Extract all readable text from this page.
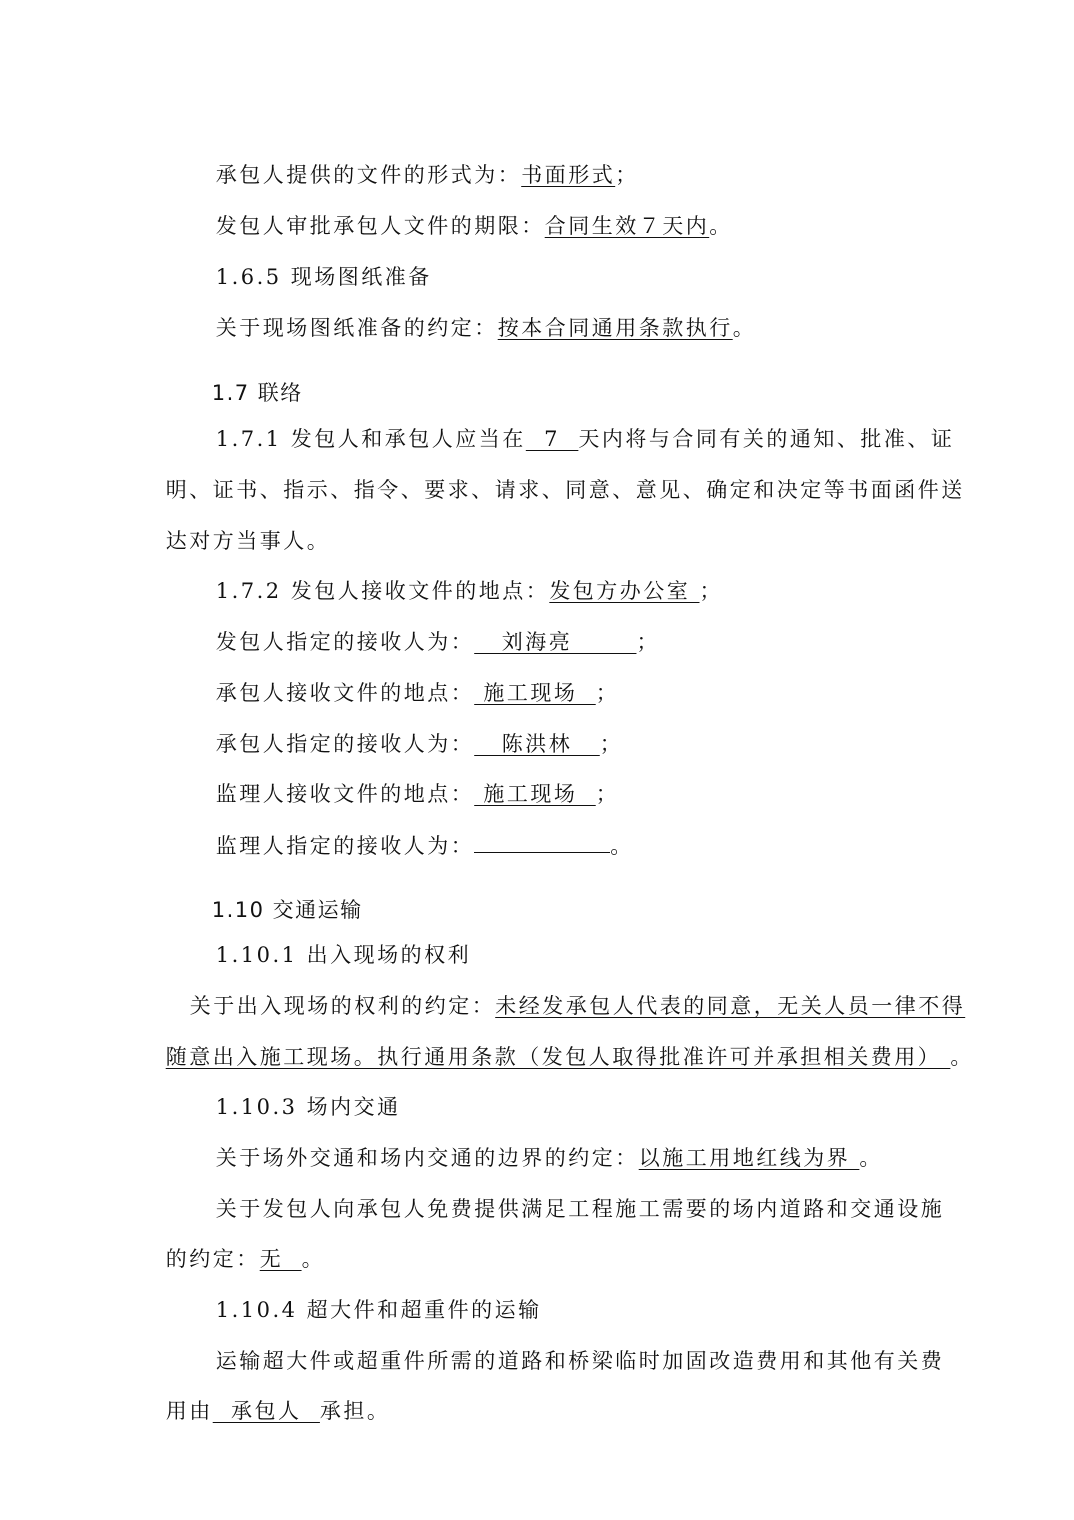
承包人提供的文件的形式为：书面形式；

发包人审批承包人文件的期限：合同生效７天内。

1.6.5 现场图纸准备

关于现场图纸准备的约定：按本合同通用条款执行。

1.7 联络

1.7.1 发包人和承包人应当在  7  天内将与合同有关的通知、批准、证

明、证书、指示、指令、要求、请求、同意、意见、确定和决定等书面函件送

达对方当事人。

1.7.2 发包人接收文件的地点：发包方办公室 ；

发包人指定的接收人为：   刘海亮       ；

承包人接收文件的地点： 施工现场  ；

承包人指定的接收人为：   陈洪林   ；

监理人接收文件的地点： 施工现场  ；

监理人指定的接收人为：	。

1.10 交通运输

1.10.1 出入现场的权利

关于出入现场的权利的约定：未经发承包人代表的同意，无关人员一律不得

随意出入施工现场。执行通用条款（发包人取得批准许可并承担相关费用） 。

1.10.3 场内交通

关于场外交通和场内交通的边界的约定：以施工用地红线为界 。

关于发包人向承包人免费提供满足工程施工需要的场内道路和交通设施

的约定：无  。

1.10.4 超大件和超重件的运输

运输超大件或超重件所需的道路和桥梁临时加固改造费用和其他有关费

用由  承包人  承担。
